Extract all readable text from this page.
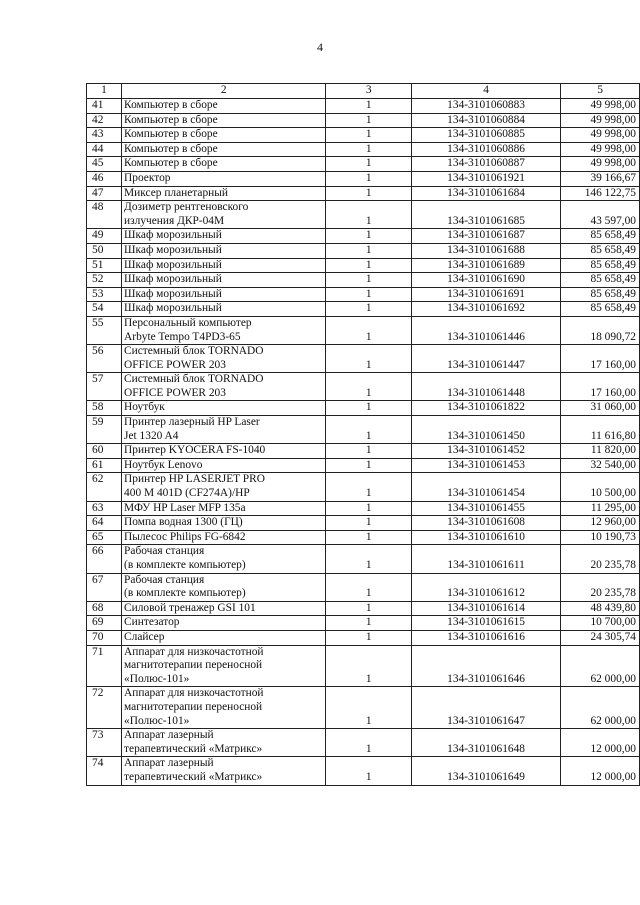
4
1	2	3	4	5
41	Компьютер в сборе	1	134-3101060883	49 998,00
42	Компьютер в сборе	1	134-3101060884	49 998,00
43	Компьютер в сборе	1	134-3101060885	49 998,00
44	Компьютер в сборе	1	134-3101060886	49 998,00
45	Компьютер в сборе	1	134-3101060887	49 998,00
46	Проектор	1	134-3101061921	39 166,67
47	Миксер планетарный	1	134-3101061684	146 122,75
48	Дозиметр рентгеновского
излучения ДКР-04М	1	134-3101061685	43 597,00
49	Шкаф морозильный	1	134-3101061687	85 658,49
50	Шкаф морозильный	1	134-3101061688	85 658,49
51	Шкаф морозильный	1	134-3101061689	85 658,49
52	Шкаф морозильный	1	134-3101061690	85 658,49
53	Шкаф морозильный	1	134-3101061691	85 658,49
54	Шкаф морозильный	1	134-3101061692	85 658,49
55	Персональный компьютер
Arbyte Tempo T4PD3-65	1	134-3101061446	18 090,72
56	Системный блок TORNADO
OFFICE POWER 203	1	134-3101061447	17 160,00
57	Системный блок TORNADO
OFFICE POWER 203	1	134-3101061448	17 160,00
58	Ноутбук	1	134-3101061822	31 060,00
59	Принтер лазерный HP Laser
Jet 1320 A4	1	134-3101061450	11 616,80
60	Принтер KYOCERA FS-1040	1	134-3101061452	11 820,00
61	Ноутбук Lenovo	1	134-3101061453	32 540,00
62	Принтер HP LASERJET PRO
400 M 401D (CF274A)/HP	1	134-3101061454	10 500,00
63	МФУ HP Laser MFP 135a	1	134-3101061455	11 295,00
64	Помпа водная 1300 (ГЦ)	1	134-3101061608	12 960,00
65	Пылесос Philips FG-6842	1	134-3101061610	10 190,73
66	Рабочая станция
(в комплекте компьютер)	1	134-3101061611	20 235,78
67	Рабочая станция
(в комплекте компьютер)	1	134-3101061612	20 235,78
68	Силовой тренажер GSI 101	1	134-3101061614	48 439,80
69	Синтезатор	1	134-3101061615	10 700,00
70	Слайсер	1	134-3101061616	24 305,74
71	Аппарат для низкочастотной
магнитотерапии переносной
«Полюс-101»	1	134-3101061646	62 000,00
72	Аппарат для низкочастотной
магнитотерапии переносной
«Полюс-101»	1	134-3101061647	62 000,00
73	Аппарат лазерный
терапевтический «Матрикс»	1	134-3101061648	12 000,00
74	Аппарат лазерный
терапевтический «Матрикс»	1	134-3101061649	12 000,00
